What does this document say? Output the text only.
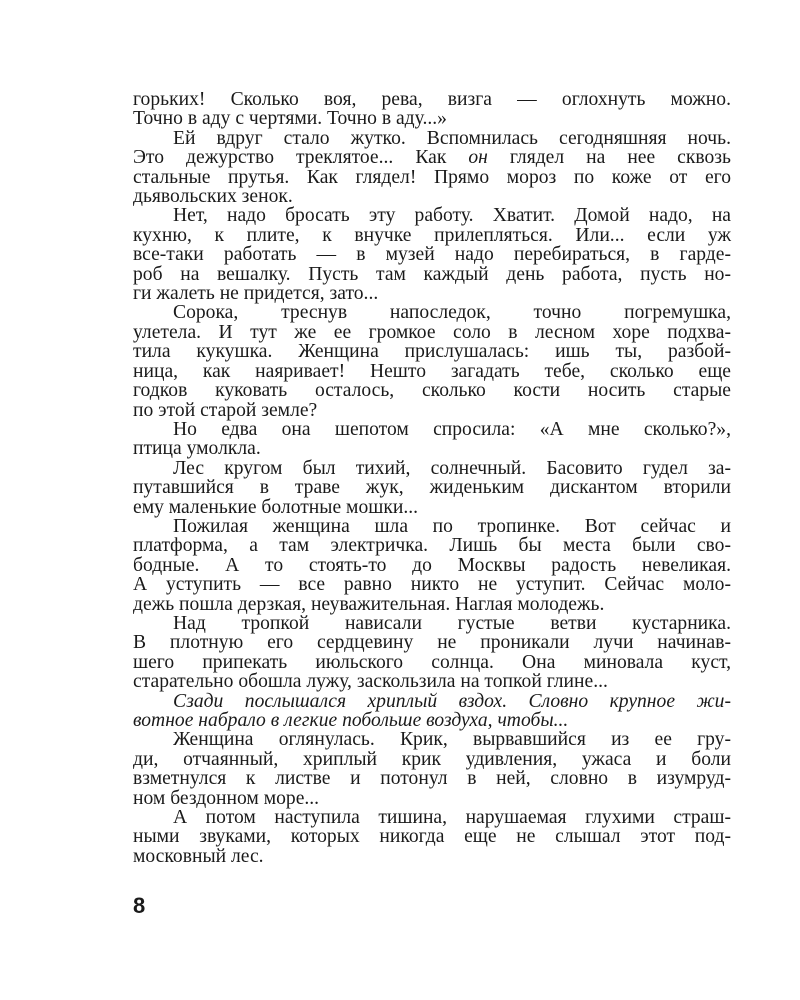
горьких! Сколько воя, рева, визга — оглохнуть можно.

Точно в аду с чертями. Точно в аду...»

Ей вдруг стало жутко. Вспомнилась сегодняшняя ночь.

Это дежурство треклятое... Как он глядел на нее сквозь

стальные прутья. Как глядел! Прямо мороз по коже от его

дьявольских зенок.

Нет, надо бросать эту работу. Хватит. Домой надо, на

кухню, к плите, к внучке прилепляться. Или... если уж

все-таки работать — в музей надо перебираться, в гарде-

роб на вешалку. Пусть там каждый день работа, пусть но-

ги жалеть не придется, зато...

Сорока, треснув напоследок, точно погремушка,

улетела. И тут же ее громкое соло в лесном хоре подхва-

тила кукушка. Женщина прислушалась: ишь ты, разбой-

ница, как наяривает! Нешто загадать тебе, сколько еще

годков куковать осталось, сколько кости носить старые

по этой старой земле?

Но едва она шепотом спросила: «А мне сколько?»,

птица умолкла.

Лес кругом был тихий, солнечный. Басовито гудел за-

путавшийся в траве жук, жиденьким дискантом вторили

ему маленькие болотные мошки...

Пожилая женщина шла по тропинке. Вот сейчас и

платформа, а там электричка. Лишь бы места были сво-

бодные. А то стоять-то до Москвы радость невеликая.

А уступить — все равно никто не уступит. Сейчас моло-

дежь пошла дерзкая, неуважительная. Наглая молодежь.

Над тропкой нависали густые ветви кустарника.

В плотную его сердцевину не проникали лучи начинав-

шего припекать июльского солнца. Она миновала куст,

старательно обошла лужу, заскользила на топкой глине...

Сзади послышался хриплый вздох. Словно крупное жи-

вотное набрало в легкие побольше воздуха, чтобы...

Женщина оглянулась. Крик, вырвавшийся из ее гру-

ди, отчаянный, хриплый крик удивления, ужаса и боли

взметнулся к листве и потонул в ней, словно в изумруд-

ном бездонном море...

А потом наступила тишина, нарушаемая глухими страш-

ными звуками, которых никогда еще не слышал этот под-

московный лес.

8
